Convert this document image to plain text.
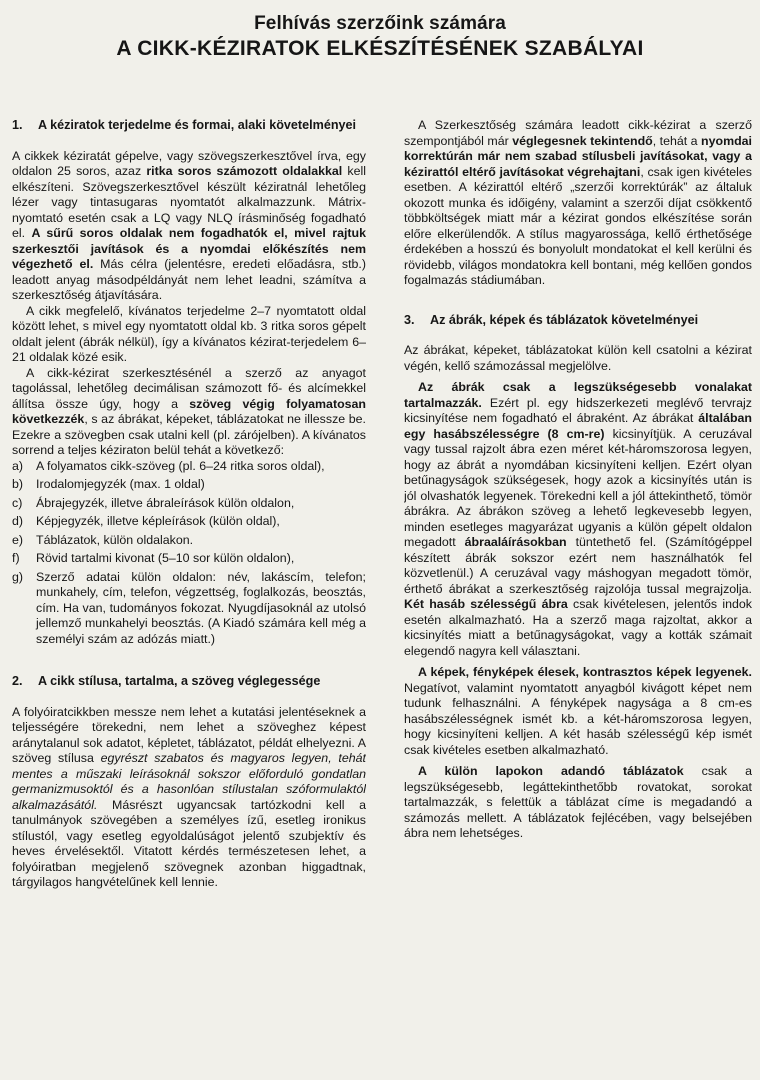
Felhívás szerzőink számára
A CIKK-KÉZIRATOK ELKÉSZÍTÉSÉNEK SZABÁLYAI
1. A kéziratok terjedelme és formai, alaki követelményei

A cikkek kéziratát gépelve, vagy szövegszerkesztővel írva, egy oldalon 25 soros, azaz ritka soros számozott oldalakkal kell elkészíteni. Szövegszerkesztővel készült kéziratnál lehetőleg lézer vagy tintasugaras nyomtatót alkalmazzunk. Mátrix-nyomtató esetén csak a LQ vagy NLQ írásminőség fogadható el. A sűrű soros oldalak nem fogadhatók el, mivel rajtuk szerkesztői javítások és a nyomdai előkészítés nem végezhető el. Más célra (jelentésre, eredeti előadásra, stb.) leadott anyag másodpéldányát nem lehet leadni, számítva a szerkesztőség átjavítására.

A cikk megfelelő, kívánatos terjedelme 2–7 nyomtatott oldal között lehet, s mivel egy nyomtatott oldal kb. 3 ritka soros gépelt oldalt jelent (ábrák nélkül), így a kívánatos kézirat-terjedelem 6–21 oldalak közé esik.

A cikk-kézirat szerkesztésénél a szerző az anyagot tagolással, lehetőleg decimálisan számozott fő- és alcímekkel állítsa össze úgy, hogy a szöveg végig folyamatosan következzék, s az ábrákat, képeket, táblázatokat ne illessze be. Ezekre a szövegben csak utalni kell (pl. zárójelben). A kívánatos sorrend a teljes kéziraton belül tehát a következő:

a) A folyamatos cikk-szöveg (pl. 6–24 ritka soros oldal),
b) Irodalomjegyzék (max. 1 oldal)
c) Ábrajegyzék, illetve ábraleírások külön oldalon,
d) Képjegyzék, illetve képleírások (külön oldal),
e) Táblázatok, külön oldalakon.
f) Rövid tartalmi kivonat (5–10 sor külön oldalon),
g) Szerző adatai külön oldalon: név, lakáscím, telefon; munkahely, cím, telefon, végzettség, foglalkozás, beosztás, cím. Ha van, tudományos fokozat. Nyugdíjasoknál az utolsó jellemző munkahelyi beosztás. (A Kiadó számára kell még a személyi szám az adózás miatt.)
2. A cikk stílusa, tartalma, a szöveg véglegessége

A folyóiratcikkben messze nem lehet a kutatási jelentéseknek a teljességére törekedni, nem lehet a szöveghez képest aránytalanul sok adatot, képletet, táblázatot, példát elhelyezni. A szöveg stílusa egyrészt szabatos és magyaros legyen, tehát mentes a műszaki leírásoknál sokszor előforduló gondatlan germanizmusoktól és a hasonlóan stílustalan szóformulaktól alkalmazásától. Másrészt ugyancsak tartózkodni kell a tanulmányok szövegében a személyes ízű, esetleg ironikus stílustól, vagy esetleg egyoldalúságot jelentő szubjektív és heves érvelésektől. Vitatott kérdés természetesen lehet, a folyóiratban megjelenő szövegnek azonban higgadtnak, tárgyilagos hangvételűnek kell lennie.

A Szerkesztőség számára leadott cikk-kézirat a szerző szempontjából már véglegesnek tekintendő, tehát a nyomdai korrektúrán már nem szabad stílusbeli javításokat, vagy a kézirattól eltérő javításokat végrehajtani, csak igen kivételes esetben. A kézirattól eltérő „szerzői korrektúrák” az általuk okozott munka és időigény, valamint a szerzői díjat csökkentő többköltségek miatt már a kézirat gondos elkészítése során előre elkerülendők. A stílus magyarossága, kellő érthetősége érdekében a hosszú és bonyolult mondatokat el kell kerülni és rövidebb, világos mondatokra kell bontani, még kellően gondos fogalmazás stádiumában.

3. Az ábrák, képek és táblázatok követelményei

Az ábrákat, képeket, táblázatokat külön kell csatolni a kézirat végén, kellő számozással megjelölve.

Az ábrák csak a legszükségesebb vonalakat tartalmazzák. Ezért pl. egy hidszerkezeti meglévő tervrajz kicsinyítése nem fogadható el ábraként. Az ábrákat általában egy hasábszélességre (8 cm-re) kicsinyítjük. A ceruzával vagy tussal rajzolt ábra ezen méret két-háromszorosa legyen, hogy az ábrát a nyomdában kicsinyíteni kelljen. Ezért olyan betűnagyságok szükségesek, hogy azok a kicsinyítés után is jól olvashatók legyenek. Törekedni kell a jól áttekinthető, tömör ábrákra. Az ábrákon szöveg a lehető legkevesebb legyen, minden esetleges magyarázat ugyanis a külön gépelt oldalon megadott ábraaláírásokban tüntethető fel. (Számítógéppel készített ábrák sokszor ezért nem használhatók fel közvetlenül.) A ceruzával vagy máshogyan megadott tömör, érthető ábrákat a szerkesztőség rajzolója tussal megrajzolja. Két hasáb szélességű ábra csak kivételesen, jelentős indok esetén alkalmazható. Ha a szerző maga rajzoltat, akkor a kicsinyítés miatt a betűnagyságokat, vagy a kották számait elegendő nagyra kell választani.

A képek, fényképek élesek, kontrasztos képek legyenek. Negatívot, valamint nyomtatott anyagból kivágott képet nem tudunk felhasználni. A fényképek nagysága a 8 cm-es hasábszélességnek ismét kb. a két-háromszorosa legyen, hogy kicsinyíteni kelljen. A két hasáb szélességű kép ismét csak kivételes esetben alkalmazható.

A külön lapokon adandó táblázatok csak a legszükségesebb, legáttekinthetőbb rovatokat, sorokat tartalmazzák, s felettük a táblázat címe is megadandó a számozás mellett. A táblázatok fejlécében, vagy belsejében ábra nem lehetséges.
